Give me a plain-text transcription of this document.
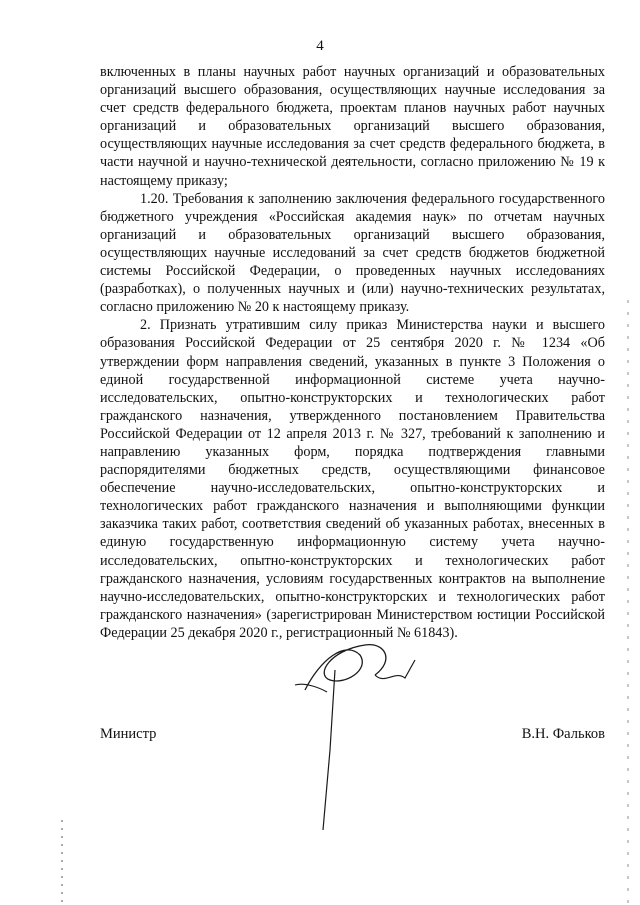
4

включенных в планы научных работ научных организаций и образовательных организаций высшего образования, осуществляющих научные исследования за счет средств федерального бюджета, проектам планов научных работ научных организаций и образовательных организаций высшего образования, осуществляющих научные исследования за счет средств федерального бюджета, в части научной и научно-технической деятельности, согласно приложению № 19 к настоящему приказу;

1.20. Требования к заполнению заключения федерального государственного бюджетного учреждения «Российская академия наук» по отчетам научных организаций и образовательных организаций высшего образования, осуществляющих научные исследований за счет средств бюджетов бюджетной системы Российской Федерации, о проведенных научных исследованиях (разработках), о полученных научных и (или) научно-технических результатах, согласно приложению № 20 к настоящему приказу.

2. Признать утратившим силу приказ Министерства науки и высшего образования Российской Федерации от 25 сентября 2020 г. № 1234 «Об утверждении форм направления сведений, указанных в пункте 3 Положения о единой государственной информационной системе учета научно-исследовательских, опытно-конструкторских и технологических работ гражданского назначения, утвержденного постановлением Правительства Российской Федерации от 12 апреля 2013 г. № 327, требований к заполнению и направлению указанных форм, порядка подтверждения главными распорядителями бюджетных средств, осуществляющими финансовое обеспечение научно-исследовательских, опытно-конструкторских и технологических работ гражданского назначения и выполняющими функции заказчика таких работ, соответствия сведений об указанных работах, внесенных в единую государственную информационную систему учета научно-исследовательских, опытно-конструкторских и технологических работ гражданского назначения, условиям государственных контрактов на выполнение научно-исследовательских, опытно-конструкторских и технологических работ гражданского назначения» (зарегистрирован Министерством юстиции Российской Федерации 25 декабря 2020 г., регистрационный № 61843).

Министр	В.Н. Фальков
